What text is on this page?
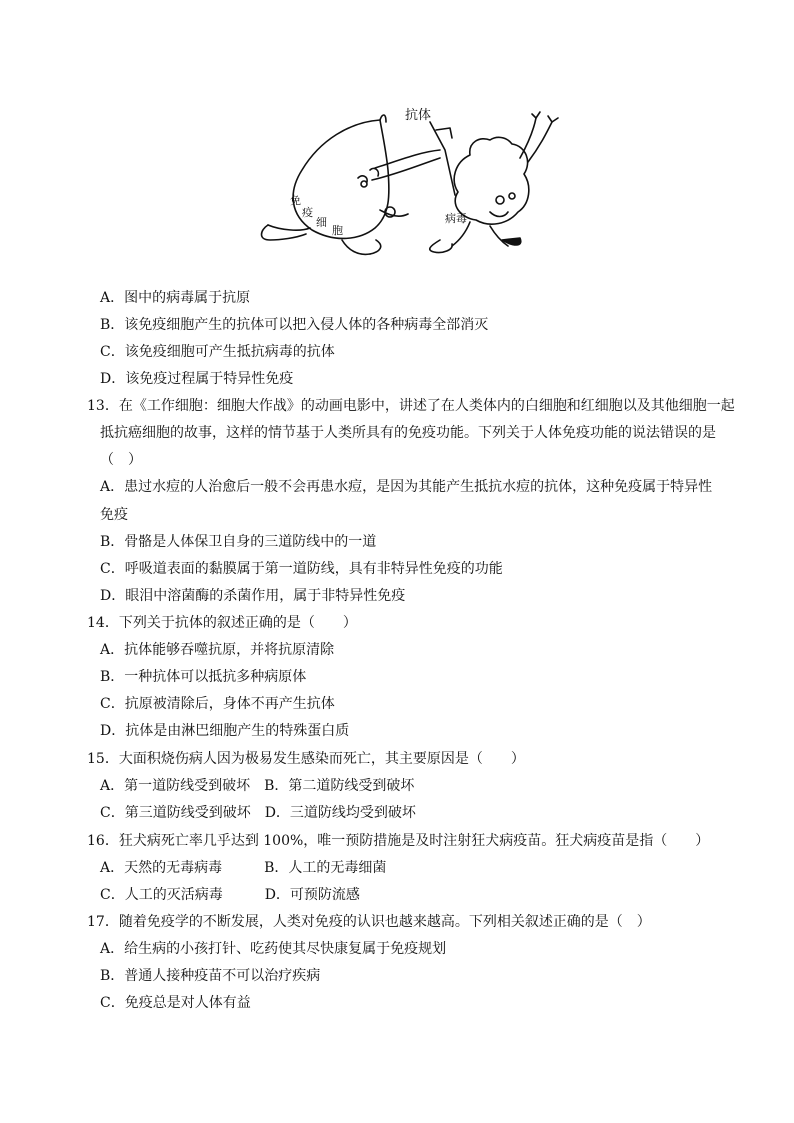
抗体
病毒
免
疫
细
胞
A．图中的病毒属于抗原
B．该免疫细胞产生的抗体可以把入侵人体的各种病毒全部消灭
C．该免疫细胞可产生抵抗病毒的抗体
D．该免疫过程属于特异性免疫
13．在《工作细胞：细胞大作战》的动画电影中，讲述了在人类体内的白细胞和红细胞以及其他细胞一起
抵抗癌细胞的故事，这样的情节基于人类所具有的免疫功能。下列关于人体免疫功能的说法错误的是
（　）
A．患过水痘的人治愈后一般不会再患水痘，是因为其能产生抵抗水痘的抗体，这种免疫属于特异性
免疫
B．骨骼是人体保卫自身的三道防线中的一道
C．呼吸道表面的黏膜属于第一道防线，具有非特异性免疫的功能
D．眼泪中溶菌酶的杀菌作用，属于非特异性免疫
14．下列关于抗体的叙述正确的是（　　）
A．抗体能够吞噬抗原，并将抗原清除
B．一种抗体可以抵抗多种病原体
C．抗原被清除后，身体不再产生抗体
D．抗体是由淋巴细胞产生的特殊蛋白质
15．大面积烧伤病人因为极易发生感染而死亡，其主要原因是（　　）
A．第一道防线受到破坏　B．第二道防线受到破坏
C．第三道防线受到破坏　D．三道防线均受到破坏
16．狂犬病死亡率几乎达到 100%，唯一预防措施是及时注射狂犬病疫苗。狂犬病疫苗是指（　　）
A．天然的无毒病毒　　　B．人工的无毒细菌
C．人工的灭活病毒　　　D．可预防流感
17．随着免疫学的不断发展，人类对免疫的认识也越来越高。下列相关叙述正确的是（　）
A．给生病的小孩打针、吃药使其尽快康复属于免疫规划
B．普通人接种疫苗不可以治疗疾病
C．免疫总是对人体有益
